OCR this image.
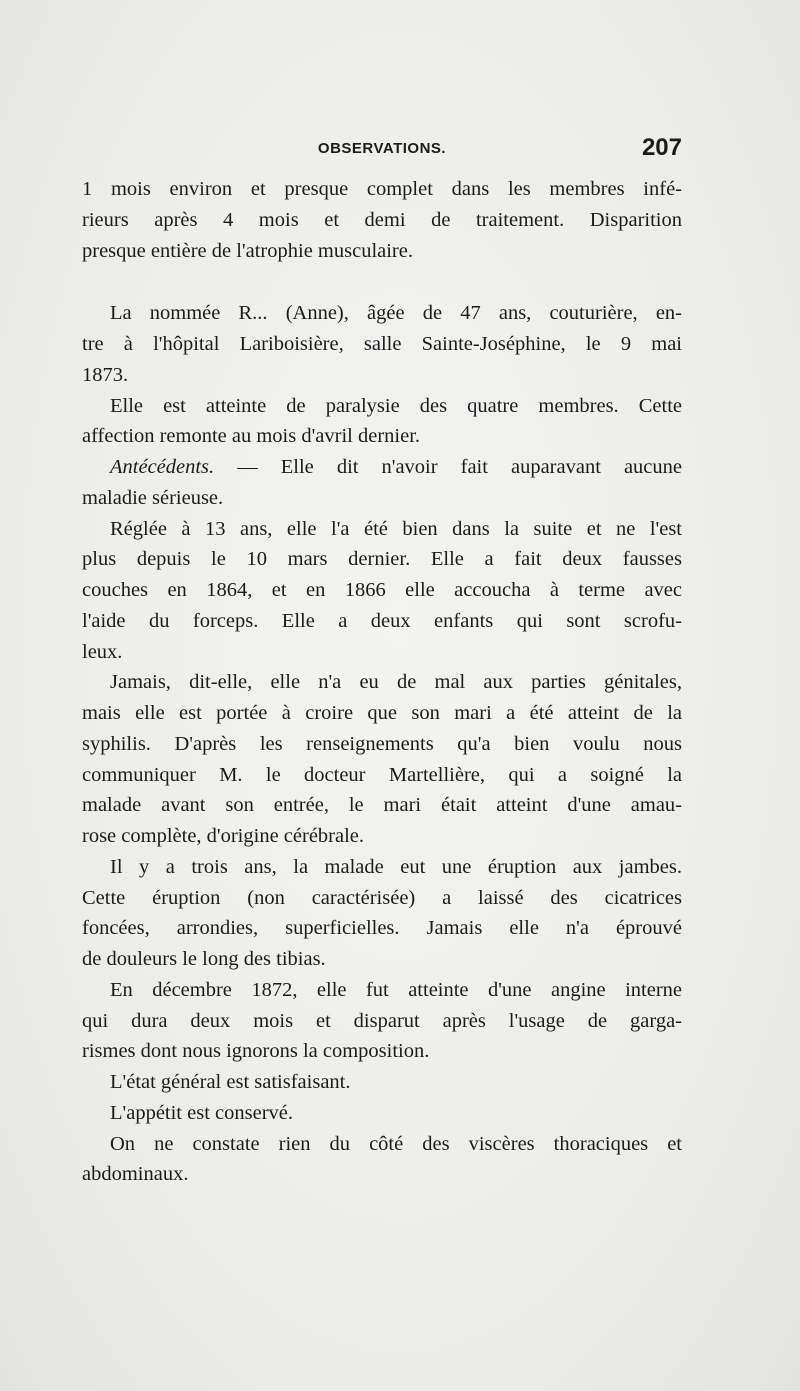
OBSERVATIONS.	207
1 mois environ et presque complet dans les membres infé-
rieurs après 4 mois et demi de traitement. Disparition
presque entière de l'atrophie musculaire.
La nommée R... (Anne), âgée de 47 ans, couturière, en-
tre à l'hôpital Lariboisière, salle Sainte-Joséphine, le 9 mai
1873.
Elle est atteinte de paralysie des quatre membres. Cette
affection remonte au mois d'avril dernier.
Antécédents. — Elle dit n'avoir fait auparavant aucune
maladie sérieuse.
Réglée à 13 ans, elle l'a été bien dans la suite et ne l'est
plus depuis le 10 mars dernier. Elle a fait deux fausses
couches en 1864, et en 1866 elle accoucha à terme avec
l'aide du forceps. Elle a deux enfants qui sont scrofu-
leux.
Jamais, dit-elle, elle n'a eu de mal aux parties génitales,
mais elle est portée à croire que son mari a été atteint de la
syphilis. D'après les renseignements qu'a bien voulu nous
communiquer M. le docteur Martellière, qui a soigné la
malade avant son entrée, le mari était atteint d'une amau-
rose complète, d'origine cérébrale.
Il y a trois ans, la malade eut une éruption aux jambes.
Cette éruption (non caractérisée) a laissé des cicatrices
foncées, arrondies, superficielles. Jamais elle n'a éprouvé
de douleurs le long des tibias.
En décembre 1872, elle fut atteinte d'une angine interne
qui dura deux mois et disparut après l'usage de garga-
rismes dont nous ignorons la composition.
L'état général est satisfaisant.
L'appétit est conservé.
On ne constate rien du côté des viscères thoraciques et
abdominaux.
